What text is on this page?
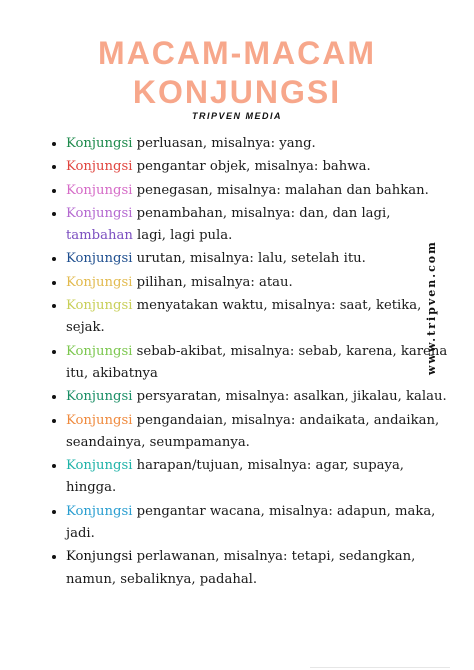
MACAM-MACAM
KONJUNGSI
TRIPVEN MEDIA
• Konjungsi perluasan, misalnya: yang.
• Konjungsi pengantar objek, misalnya: bahwa.
• Konjungsi penegasan, misalnya: malahan dan bahkan.
• Konjungsi penambahan, misalnya: dan, dan lagi, tambahan lagi, lagi pula.
• Konjungsi urutan, misalnya: lalu, setelah itu.
• Konjungsi pilihan, misalnya: atau.
• Konjungsi menyatakan waktu, misalnya: saat, ketika, sejak.
• Konjungsi sebab-akibat, misalnya: sebab, karena, karena itu, akibatnya
• Konjungsi persyaratan, misalnya: asalkan, jikalau, kalau.
• Konjungsi pengandaian, misalnya: andaikata, andaikan, seandainya, seumpamanya.
• Konjungsi harapan/tujuan, misalnya: agar, supaya, hingga.
• Konjungsi pengantar wacana, misalnya: adapun, maka, jadi.
• Konjungsi perlawanan, misalnya: tetapi, sedangkan, namun, sebaliknya, padahal.
www.tripven.com
